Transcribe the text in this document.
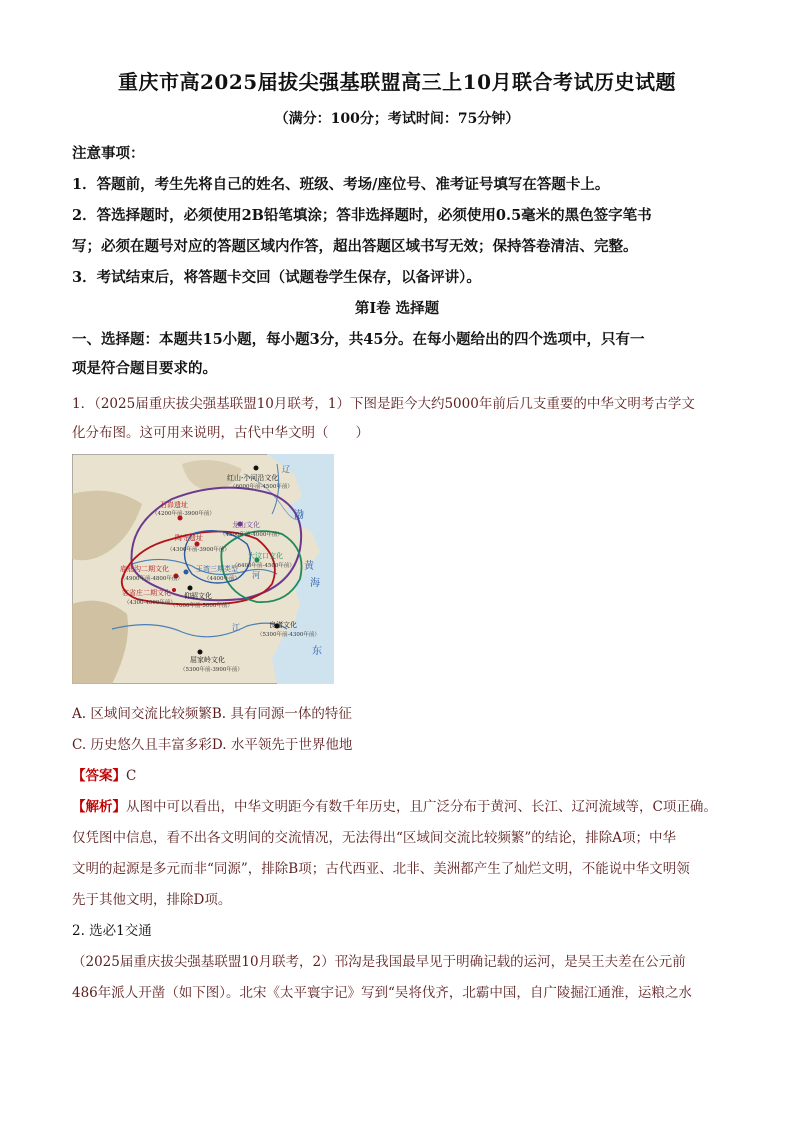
重庆市高2025届拔尖强基联盟高三上10月联合考试历史试题
（满分：100分；考试时间：75分钟）
注意事项：
1．答题前，考生先将自己的姓名、班级、考场/座位号、准考证号填写在答题卡上。
2．答选择题时，必须使用2B铅笔填涂；答非选择题时，必须使用0.5毫米的黑色签字笔书
写；必须在题号对应的答题区域内作答，超出答题区域书写无效；保持答卷清洁、完整。
3．考试结束后，将答题卡交回（试题卷学生保存，以备评讲）。
第Ⅰ卷 选择题
一、选择题：本题共15小题，每小题3分，共45分。在每小题给出的四个选项中，只有一
项是符合题目要求的。
1．（2025届重庆拔尖强基联盟10月联考，1）下图是距今大约5000年前后几支重要的中华文明考古学文
化分布图。这可用来说明，古代中华文明（　　）
红山-小河沿文化
（6000年前-4500年前）
石峁遗址
（4200年前-3900年前）
陶寺遗址
（4300年前-3900年前）
龙山文化
（4500年前-4000年前）
大汶口文化
（6400年前-4500年前）
庙底沟二期文化
（4900年前-4800年前）
王湾三期类型
（4400年前）
仰韶文化
（7000年前-5000年前）
客省庄二期文化
（4300-4000年前）
良渚文化
（5300年前-4300年前）
屈家岭文化
（5300年前-3900年前）
渤
黄
海
东
河
江
辽
A. 区域间交流比较频繁B. 具有同源一体的特征
C. 历史悠久且丰富多彩D. 水平领先于世界他地
【答案】C
【解析】从图中可以看出，中华文明距今有数千年历史，且广泛分布于黄河、长江、辽河流域等，C项正确。
仅凭图中信息，看不出各文明间的交流情况，无法得出“区域间交流比较频繁”的结论，排除A项；中华
文明的起源是多元而非“同源”，排除B项；古代西亚、北非、美洲都产生了灿烂文明，不能说中华文明领
先于其他文明，排除D项。
2. 选必1交通
（2025届重庆拔尖强基联盟10月联考，2）邗沟是我国最早见于明确记载的运河，是吴王夫差在公元前
486年派人开凿（如下图）。北宋《太平寰宇记》写到“吴将伐齐，北霸中国，自广陵掘江通淮，运粮之水
